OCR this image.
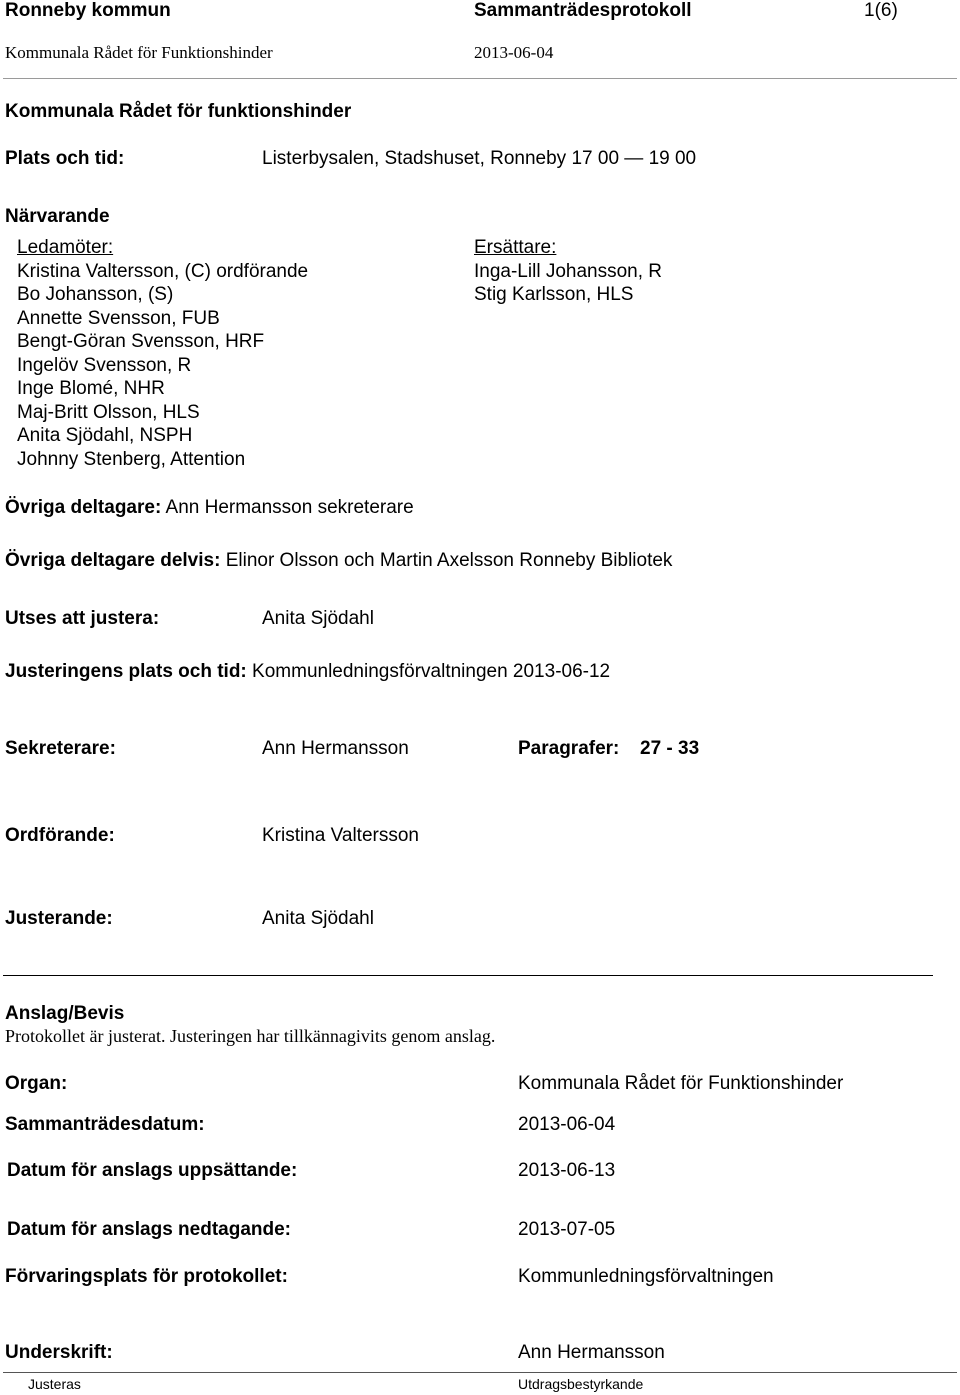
Ronneby kommun	Sammanträdesprotokoll	1(6)
Kommunala Rådet för Funktionshinder	2013-06-04
Kommunala Rådet för funktionshinder
Plats och tid:	Listerbysalen, Stadshuset, Ronneby 17 00 — 19 00
Närvarande
Ledamöter:
Kristina Valtersson, (C) ordförande
Bo Johansson, (S)
Annette Svensson, FUB
Bengt-Göran Svensson, HRF
Ingelöv Svensson, R
Inge Blomé, NHR
Maj-Britt Olsson, HLS
Anita Sjödahl, NSPH
Johnny Stenberg, Attention
Ersättare:
Inga-Lill Johansson, R
Stig Karlsson, HLS
Övriga deltagare: Ann Hermansson sekreterare
Övriga deltagare delvis: Elinor Olsson och Martin Axelsson Ronneby Bibliotek
Utses att justera:	Anita Sjödahl
Justeringens plats och tid: Kommunledningsförvaltningen 2013-06-12
Sekreterare:	Ann Hermansson	Paragrafer: 27 - 33
Ordförande:	Kristina Valtersson
Justerande:	Anita Sjödahl
Anslag/Bevis
Protokollet är justerat. Justeringen har tillkännagivits genom anslag.
Organ:	Kommunala Rådet för Funktionshinder
Sammanträdesdatum:	2013-06-04
Datum för anslags uppsättande:	2013-06-13
Datum för anslags nedtagande:	2013-07-05
Förvaringsplats för protokollet:	Kommunledningsförvaltningen
Underskrift:	Ann Hermansson
Justeras	Utdragsbestyrkande
